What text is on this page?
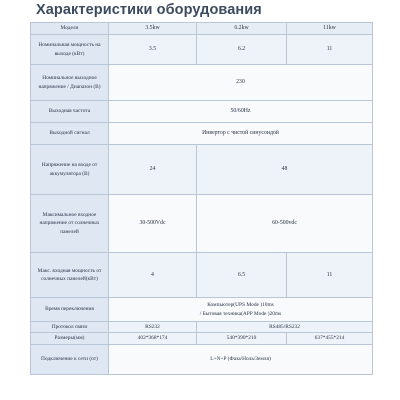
Характеристики оборудования
Модели	3.5kw	6.2kw	11kw
Номинальная мощность на выходе (кВт)	3.5	6.2	11
Номинальное выходное напряжение / Диапазон (В)	230		
Выходная частота	50/60Hz		
Выходной сигнал	Инвертор с чистой синусоидой		
Напряжение на входе от аккумулятора (В)	24	48	
Максимальное входное напряжение от солнечных панелей	30-500Vdc	60-500vdc	
Макс. входная мощность от солнечных панелей(кВт)	4	6.5	11
Время переключения	Компьютер(UPS Mode )10ms
/ Бытовая техника(APP Mode )20ms		

Протокол связи	RS232	RS485/RS232	
Размеры(мм)	402*368*174	540*390*210	637*455*214
Подключение к сети (от)	L+N+P (Фаза/Ноль/Земля)		
